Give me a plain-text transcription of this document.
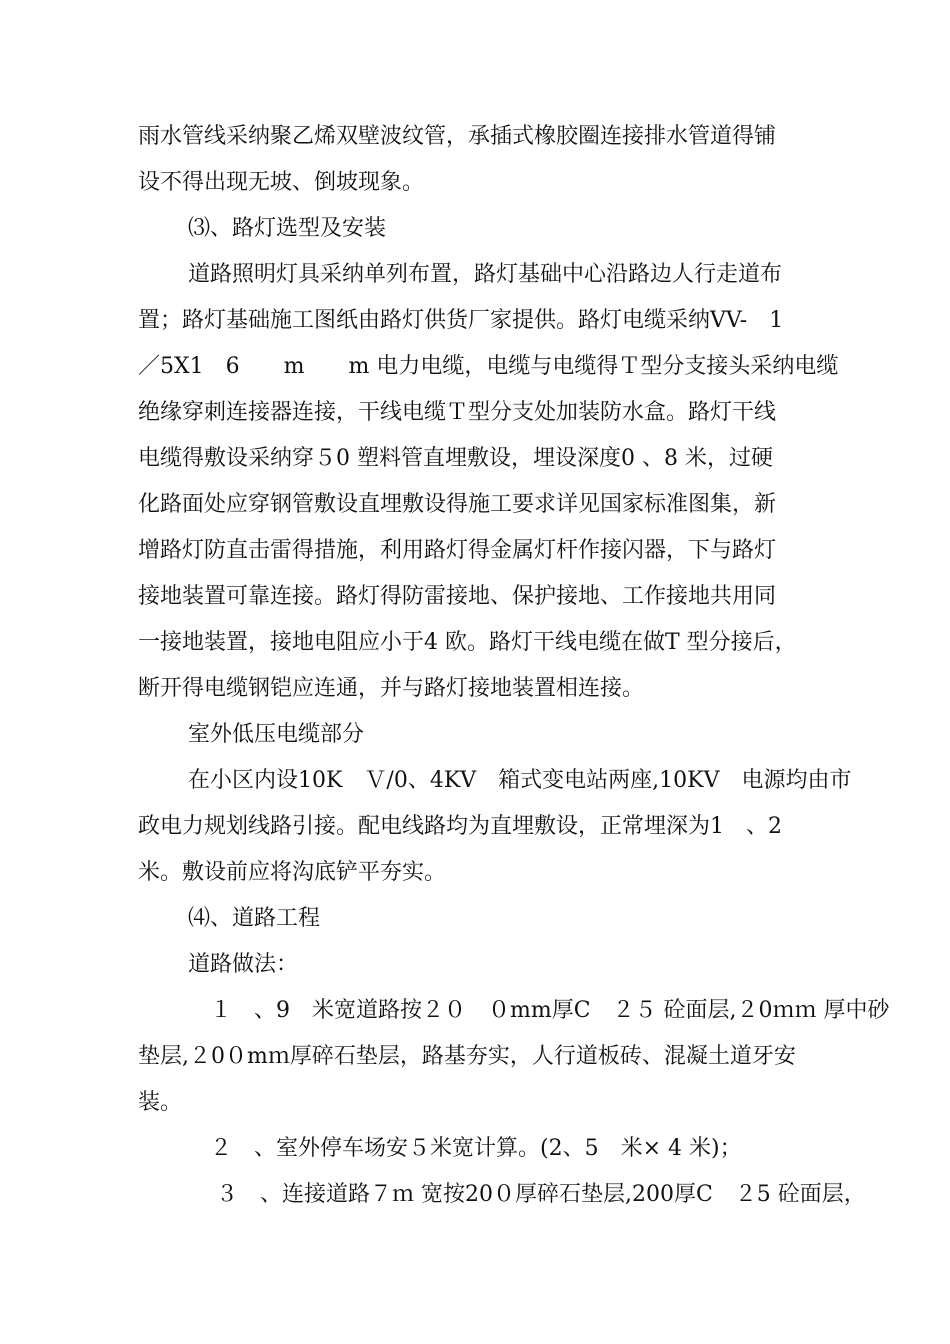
雨水管线采纳聚乙烯双壁波纹管，承插式橡胶圈连接排水管道得铺
设不得出现无坡、倒坡现象。
⑶、路灯选型及安装
道路照明灯具采纳单列布置，路灯基础中心沿路边人行走道布
置；路灯基础施工图纸由路灯供货厂家提供。路灯电缆采纳VV-　1
／5X1　6　　m　　m 电力电缆，电缆与电缆得Ｔ型分支接头采纳电缆
绝缘穿刺连接器连接，干线电缆Ｔ型分支处加装防水盒。路灯干线
电缆得敷设采纳穿５0 塑料管直埋敷设，埋设深度0 、8 米，过硬
化路面处应穿钢管敷设直埋敷设得施工要求详见国家标准图集，新
增路灯防直击雷得措施，利用路灯得金属灯杆作接闪器，下与路灯
接地装置可靠连接。路灯得防雷接地、保护接地、工作接地共用同
一接地装置，接地电阻应小于4 欧。路灯干线电缆在做T 型分接后，
断开得电缆钢铠应连通，并与路灯接地装置相连接。
室外低压电缆部分
在小区内设10K　Ｖ/0、4KV　箱式变电站两座,10KV　电源均由市
政电力规划线路引接。配电线路均为直埋敷设，正常埋深为1　、2
米。敷设前应将沟底铲平夯实。
⑷、道路工程
道路做法：
１　、9　米宽道路按２０　０mm厚C　２５ 砼面层,２0ｍｍ 厚中砂
垫层,２0０mｍ厚碎石垫层，路基夯实，人行道板砖、混凝土道牙安
装。
２　、室外停车场安５米宽计算。(2、5　米× 4 米)；
３　、连接道路７ｍ 宽按20０厚碎石垫层,200厚C　２5 砼面层，
